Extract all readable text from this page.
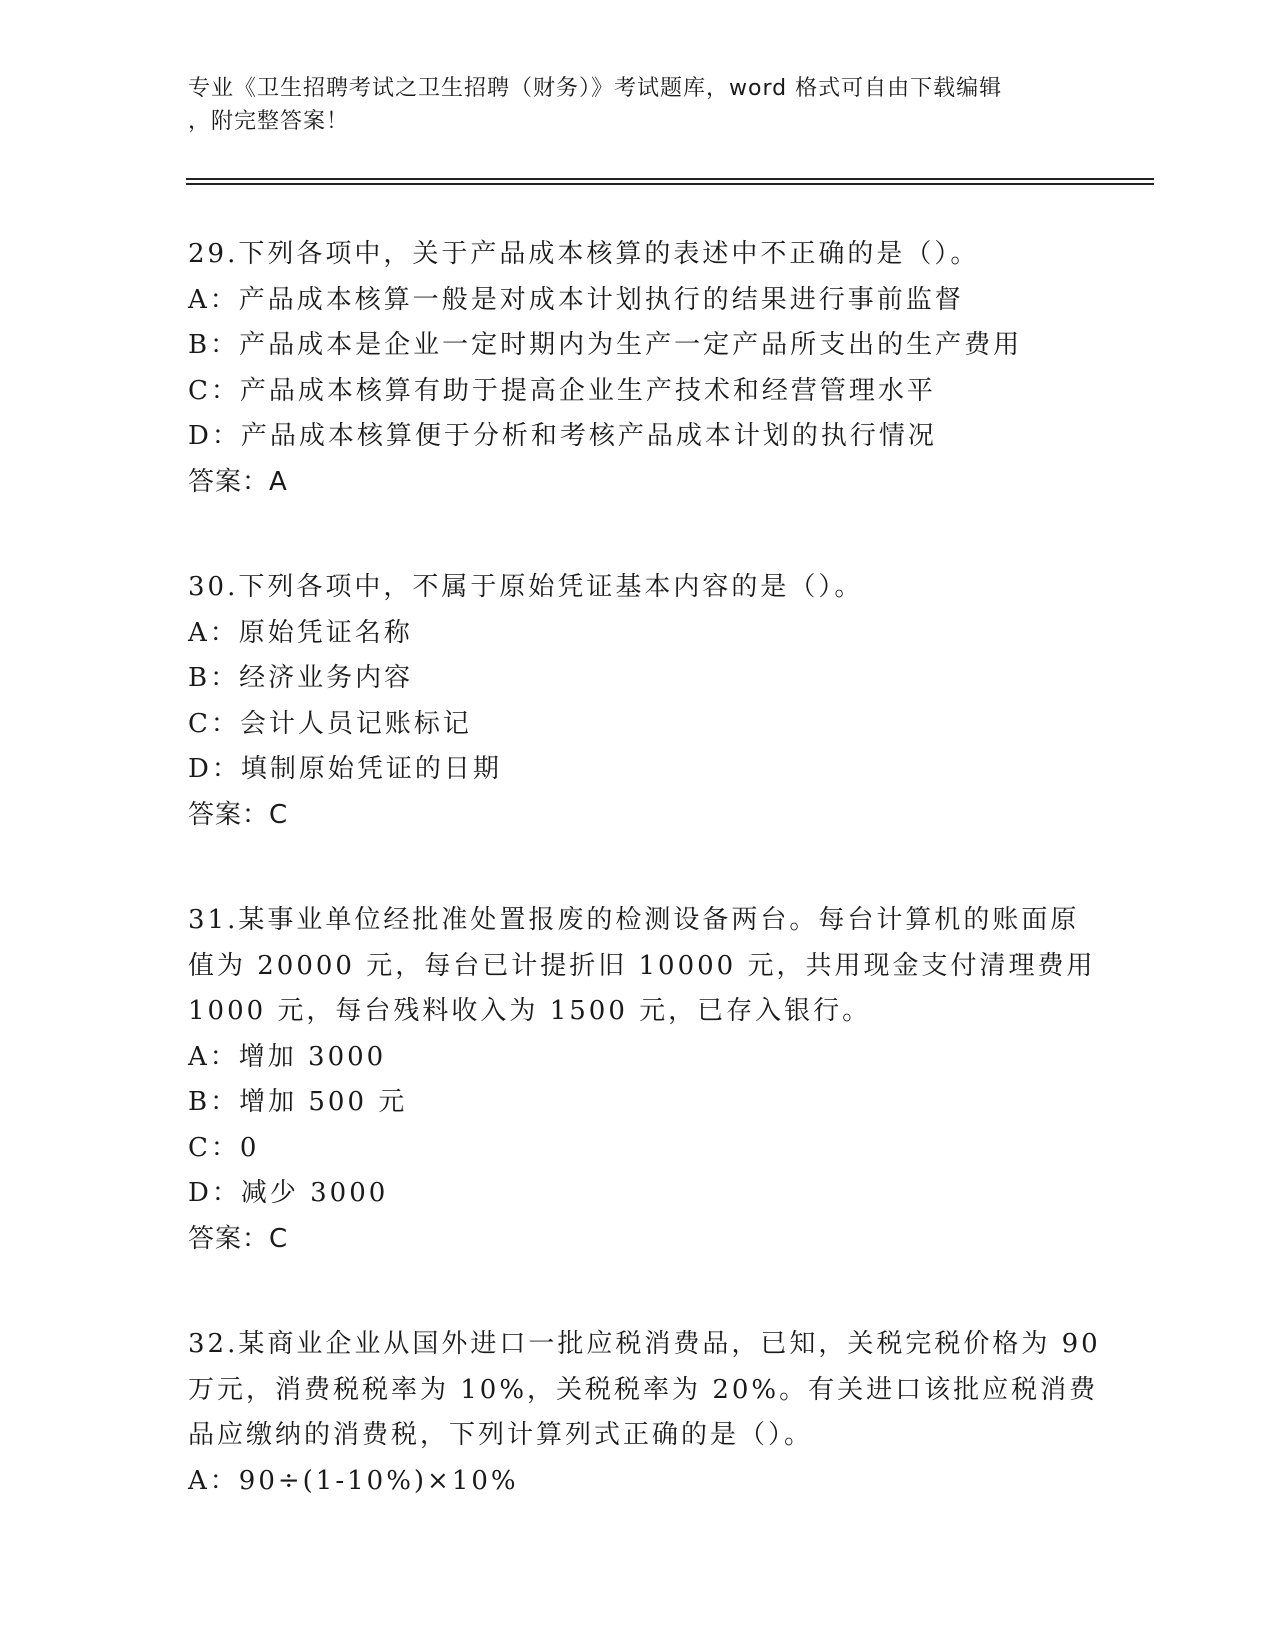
专业《卫生招聘考试之卫生招聘（财务）》考试题库，word 格式可自由下载编辑
，附完整答案！
29.下列各项中，关于产品成本核算的表述中不正确的是（）。
A：产品成本核算一般是对成本计划执行的结果进行事前监督
B：产品成本是企业一定时期内为生产一定产品所支出的生产费用
C：产品成本核算有助于提高企业生产技术和经营管理水平
D：产品成本核算便于分析和考核产品成本计划的执行情况
答案：A
30.下列各项中，不属于原始凭证基本内容的是（）。
A：原始凭证名称
B：经济业务内容
C：会计人员记账标记
D：填制原始凭证的日期
答案：C
31.某事业单位经批准处置报废的检测设备两台。每台计算机的账面原
值为 20000 元，每台已计提折旧 10000 元，共用现金支付清理费用
1000 元，每台残料收入为 1500 元，已存入银行。
A：增加 3000
B：增加 500 元
C：0
D：减少 3000
答案：C
32.某商业企业从国外进口一批应税消费品，已知，关税完税价格为 90
万元，消费税税率为 10%，关税税率为 20%。有关进口该批应税消费
品应缴纳的消费税，下列计算列式正确的是（）。
A：90÷(1-10%)×10%
